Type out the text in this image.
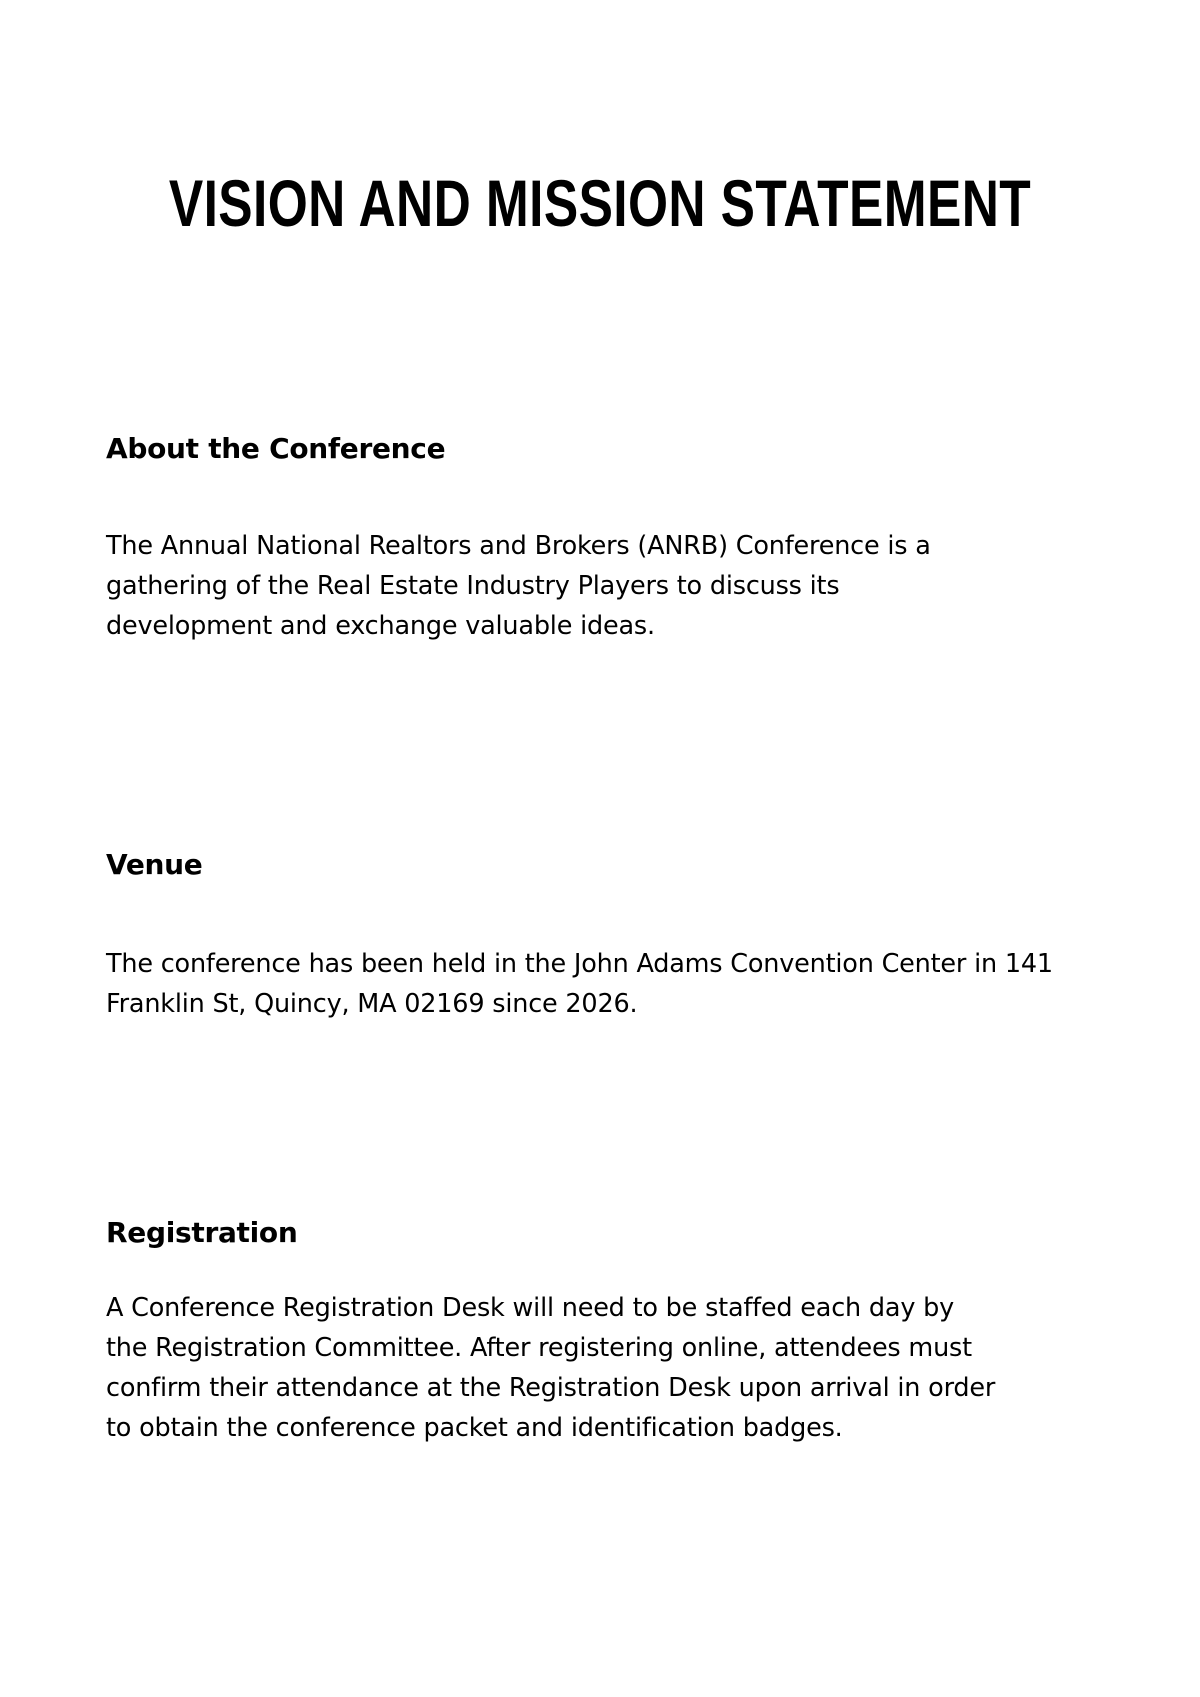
VISION AND MISSION STATEMENT
About the Conference

The Annual National Realtors and Brokers (ANRB) Conference is a
gathering of the Real Estate Industry Players to discuss its
development and exchange valuable ideas.

Venue

The conference has been held in the John Adams Convention Center in 141
Franklin St, Quincy, MA 02169 since 2026.

Registration

A Conference Registration Desk will need to be staffed each day by
the Registration Committee. After registering online, attendees must
confirm their attendance at the Registration Desk upon arrival in order
to obtain the conference packet and identification badges.
